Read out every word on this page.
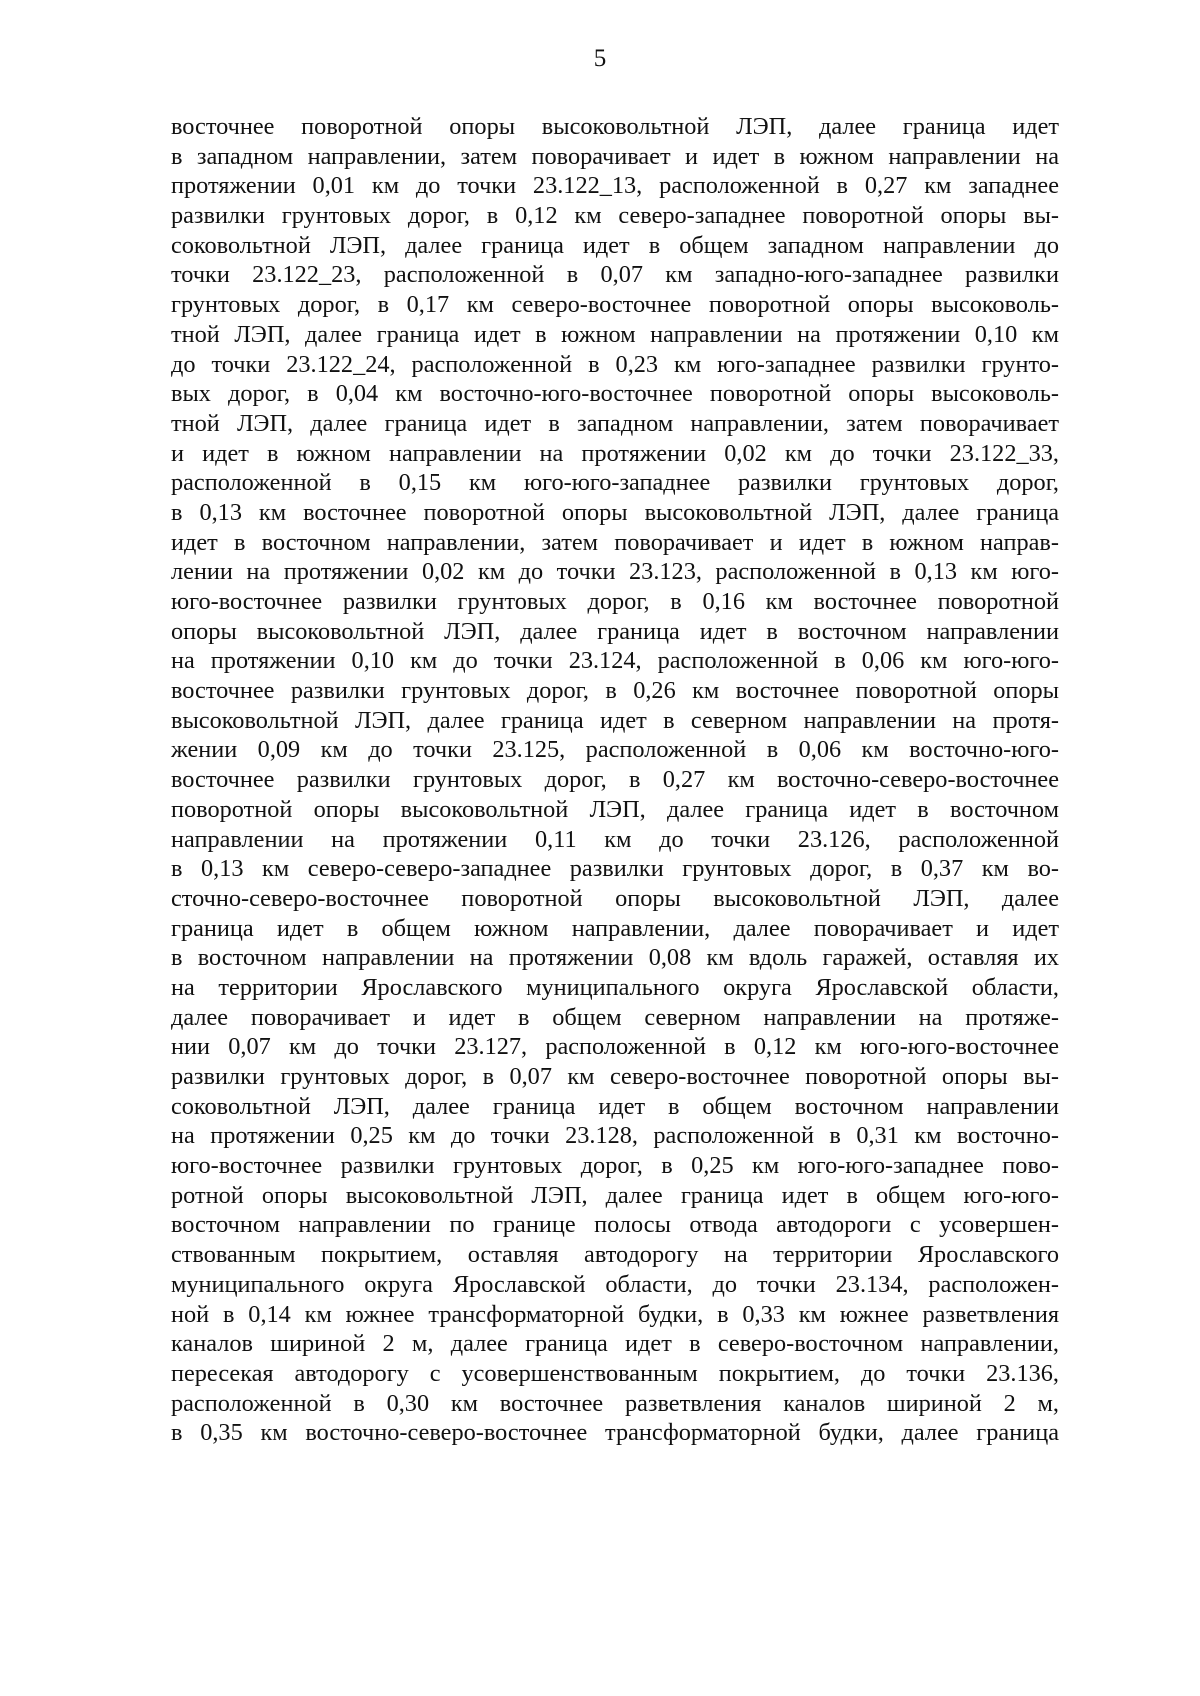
5
восточнее поворотной опоры высоковольтной ЛЭП, далее граница идет
в западном направлении, затем поворачивает и идет в южном направлении на
протяжении 0,01 км до точки 23.122_13, расположенной в 0,27 км западнее
развилки грунтовых дорог, в 0,12 км северо-западнее поворотной опоры вы-
соковольтной ЛЭП, далее граница идет в общем западном направлении до
точки 23.122_23, расположенной в 0,07 км западно-юго-западнее развилки
грунтовых дорог, в 0,17 км северо-восточнее поворотной опоры высоковоль-
тной ЛЭП, далее граница идет в южном направлении на протяжении 0,10 км
до точки 23.122_24, расположенной в 0,23 км юго-западнее развилки грунто-
вых дорог, в 0,04 км восточно-юго-восточнее поворотной опоры высоковоль-
тной ЛЭП, далее граница идет в западном направлении, затем поворачивает
и идет в южном направлении на протяжении 0,02 км до точки 23.122_33,
расположенной в 0,15 км юго-юго-западнее развилки грунтовых дорог,
в 0,13 км восточнее поворотной опоры высоковольтной ЛЭП, далее граница
идет в восточном направлении, затем поворачивает и идет в южном направ-
лении на протяжении 0,02 км до точки 23.123, расположенной в 0,13 км юго-
юго-восточнее развилки грунтовых дорог, в 0,16 км восточнее поворотной
опоры высоковольтной ЛЭП, далее граница идет в восточном направлении
на протяжении 0,10 км до точки 23.124, расположенной в 0,06 км юго-юго-
восточнее развилки грунтовых дорог, в 0,26 км восточнее поворотной опоры
высоковольтной ЛЭП, далее граница идет в северном направлении на протя-
жении 0,09 км до точки 23.125, расположенной в 0,06 км восточно-юго-
восточнее развилки грунтовых дорог, в 0,27 км восточно-северо-восточнее
поворотной опоры высоковольтной ЛЭП, далее граница идет в восточном
направлении на протяжении 0,11 км до точки 23.126, расположенной
в 0,13 км северо-северо-западнее развилки грунтовых дорог, в 0,37 км во-
сточно-северо-восточнее поворотной опоры высоковольтной ЛЭП, далее
граница идет в общем южном направлении, далее поворачивает и идет
в восточном направлении на протяжении 0,08 км вдоль гаражей, оставляя их
на территории Ярославского муниципального округа Ярославской области,
далее поворачивает и идет в общем северном направлении на протяже-
нии 0,07 км до точки 23.127, расположенной в 0,12 км юго-юго-восточнее
развилки грунтовых дорог, в 0,07 км северо-восточнее поворотной опоры вы-
соковольтной ЛЭП, далее граница идет в общем восточном направлении
на протяжении 0,25 км до точки 23.128, расположенной в 0,31 км восточно-
юго-восточнее развилки грунтовых дорог, в 0,25 км юго-юго-западнее пово-
ротной опоры высоковольтной ЛЭП, далее граница идет в общем юго-юго-
восточном направлении по границе полосы отвода автодороги с усовершен-
ствованным покрытием, оставляя автодорогу на территории Ярославского
муниципального округа Ярославской области, до точки 23.134, расположен-
ной в 0,14 км южнее трансформаторной будки, в 0,33 км южнее разветвления
каналов шириной 2 м, далее граница идет в северо-восточном направлении,
пересекая автодорогу с усовершенствованным покрытием, до точки 23.136,
расположенной в 0,30 км восточнее разветвления каналов шириной 2 м,
в 0,35 км восточно-северо-восточнее трансформаторной будки, далее граница
